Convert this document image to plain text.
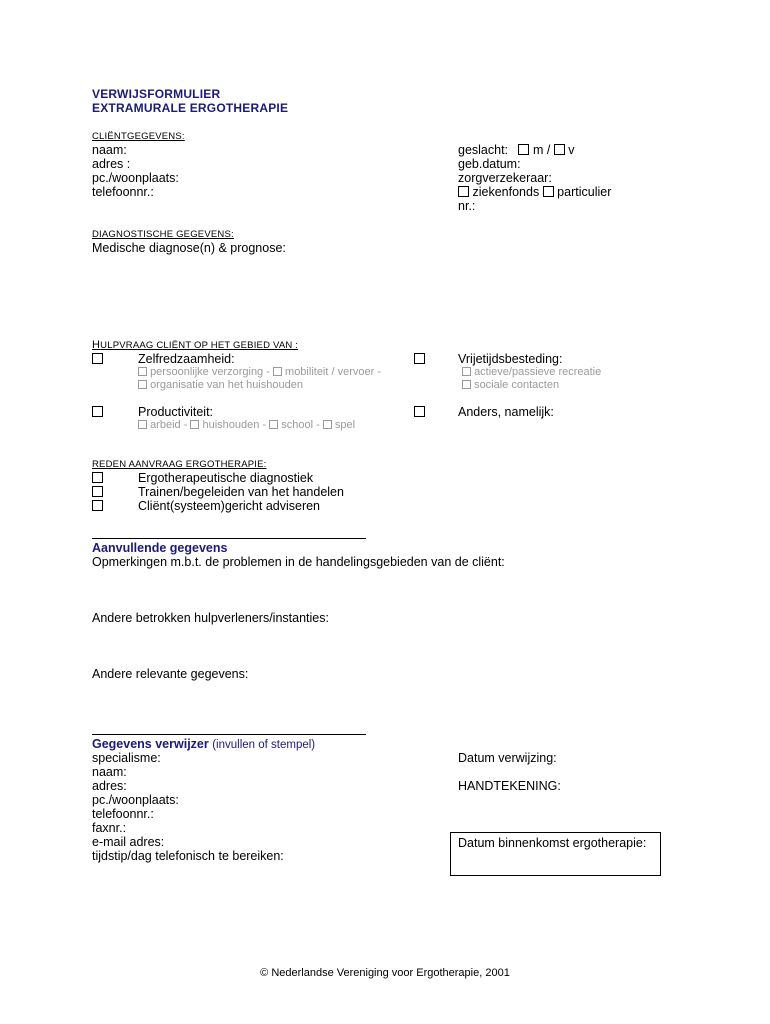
VERWIJSFORMULIER
EXTRAMURALE ERGOTHERAPIE
CLIËNTGEGEVENS:
naam:
adres :
pc./woonplaats:
telefoonnr.:
geslacht: m / v
geb.datum:
zorgverzekeraar:
ziekenfonds particulier
nr.:
DIAGNOSTISCHE GEGEVENS:
Medische diagnose(n) & prognose:
HULPVRAAG CLIËNT OP HET GEBIED VAN :
Zelfredzaamheid:
persoonlijke verzorging - mobiliteit / vervoer -
organisatie van het huishouden
Vrijetijdsbesteding:
actieve/passieve recreatie
sociale contacten
Productiviteit:
arbeid - huishouden - school - spel
Anders, namelijk:
REDEN AANVRAAG ERGOTHERAPIE:
Ergotherapeutische diagnostiek
Trainen/begeleiden van het handelen
Cliënt(systeem)gericht adviseren
Aanvullende gegevens
Opmerkingen m.b.t. de problemen in de handelingsgebieden van de cliënt:
Andere betrokken hulpverleners/instanties:
Andere relevante gegevens:
Gegevens verwijzer (invullen of stempel)
specialisme:
naam:
adres:
pc./woonplaats:
telefoonnr.:
faxnr.:
e-mail adres:
tijdstip/dag telefonisch te bereiken:
Datum verwijzing:
HANDTEKENING:
Datum binnenkomst ergotherapie:
© Nederlandse Vereniging voor Ergotherapie, 2001
